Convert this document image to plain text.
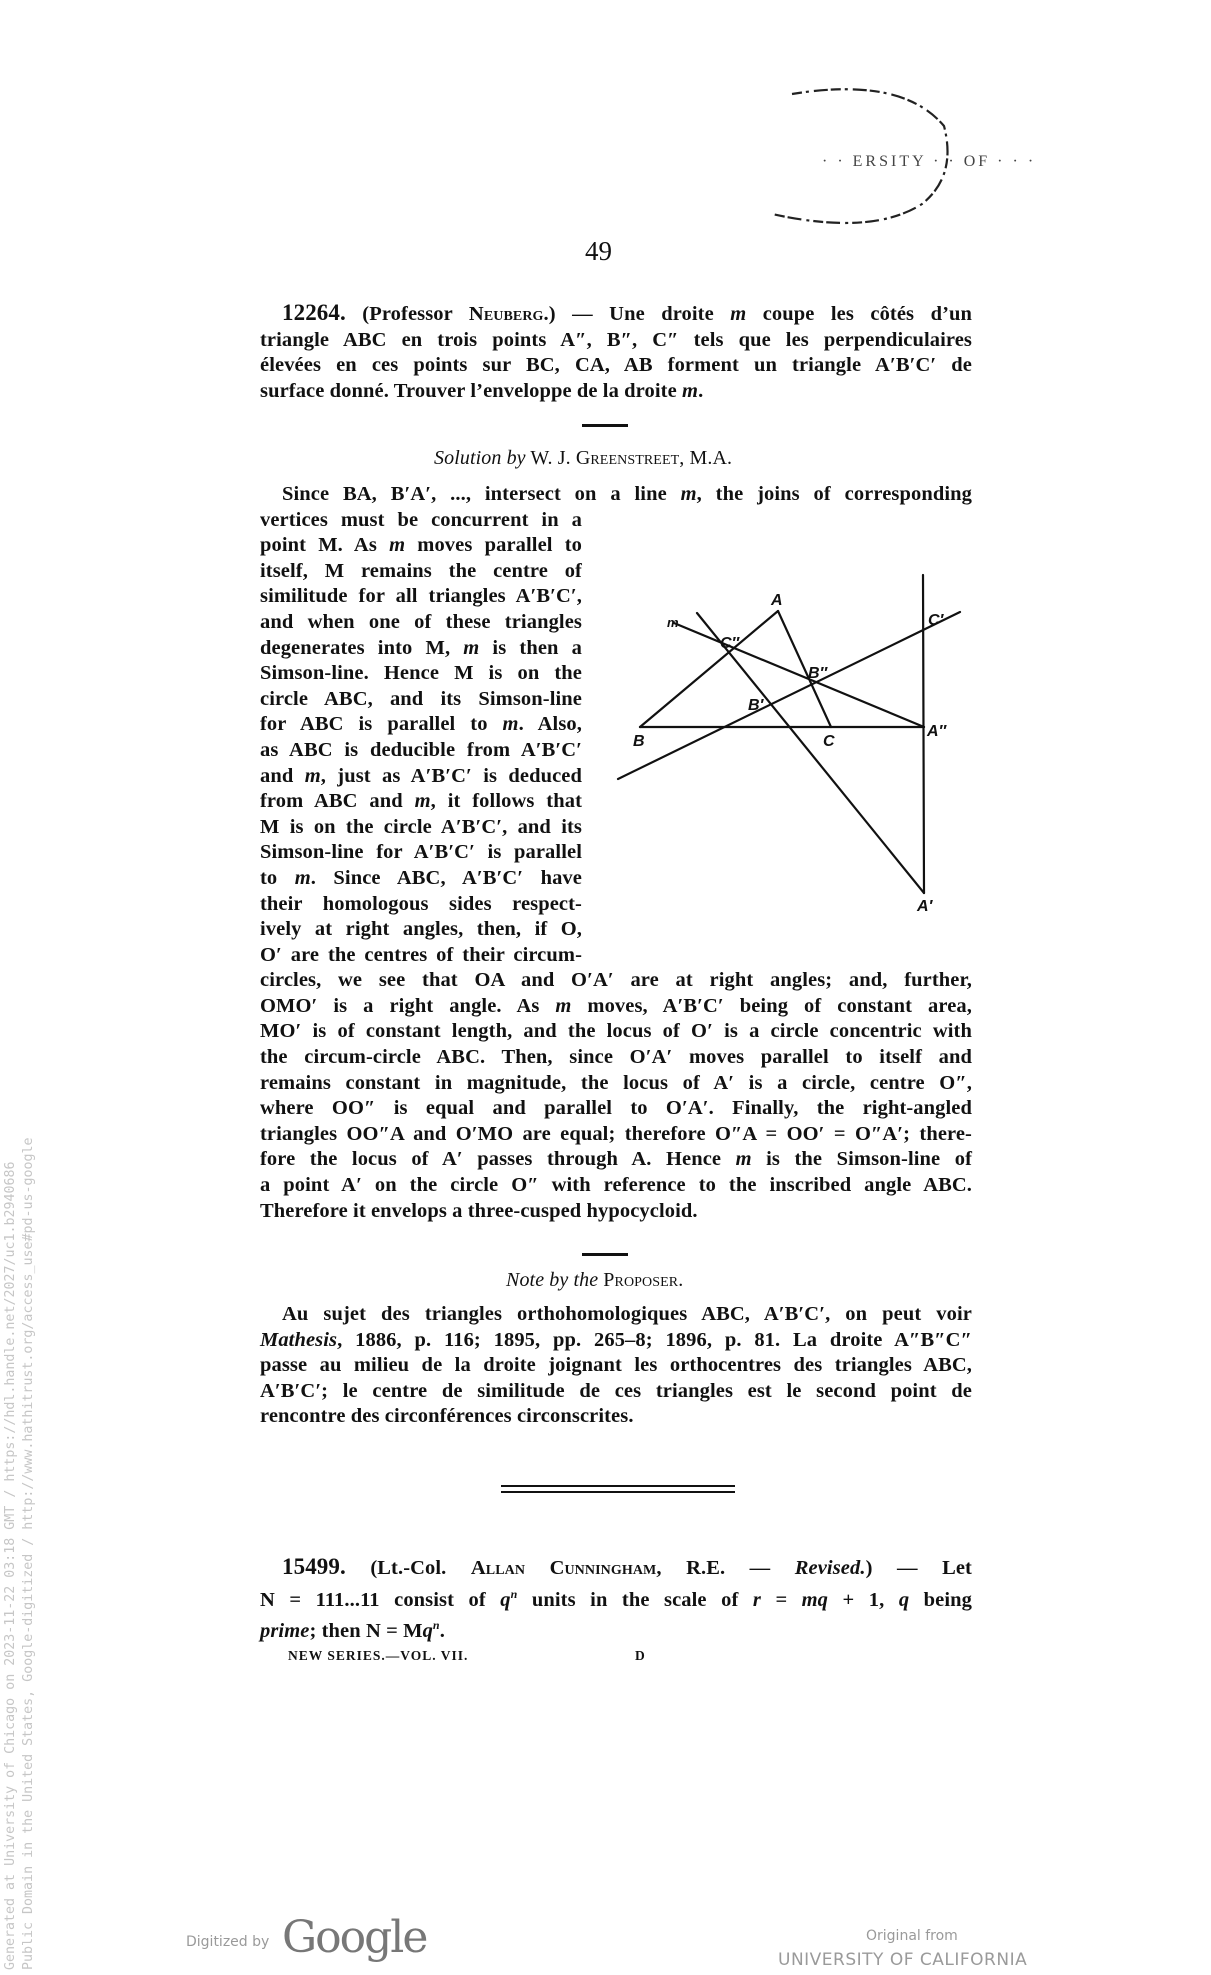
· · ERSITY · · OF · · ·
49
12264. (Professor Neuberg.) — Une droite m coupe les côtés d’un
triangle ABC en trois points A″, B″, C″ tels que les perpendiculaires
élevées en ces points sur BC, CA, AB forment un triangle A′B′C′ de
surface donné. Trouver l’enveloppe de la droite m.
Solution by W. J. Greenstreet, M.A.
Since BA, B′A′, ..., intersect on a line m, the joins of corresponding
vertices must be concurrent in a
point M. As m moves parallel to
itself, M remains the centre of
similitude for all triangles A′B′C′,
and when one of these triangles
degenerates into M, m is then a
Simson-line. Hence M is on the
circle ABC, and its Simson-line
for ABC is parallel to m. Also,
as ABC is deducible from A′B′C′
and m, just as A′B′C′ is deduced
from ABC and m, it follows that
M is on the circle A′B′C′, and its
Simson-line for A′B′C′ is parallel
to m. Since ABC, A′B′C′ have
their homologous sides respect-
ively at right angles, then, if O,
O′ are the centres of their circum-
circles, we see that OA and O′A′ are at right angles; and, further,
OMO′ is a right angle. As m moves, A′B′C′ being of constant area,
MO′ is of constant length, and the locus of O′ is a circle concentric with
the circum-circle ABC. Then, since O′A′ moves parallel to itself and
remains constant in magnitude, the locus of A′ is a circle, centre O″,
where OO″ is equal and parallel to O′A′. Finally, the right-angled
triangles OO″A and O′MO are equal; therefore O″A = OO′ = O″A′; there-
fore the locus of A′ passes through A. Hence m is the Simson-line of
a point A′ on the circle O″ with reference to the inscribed angle ABC.
Therefore it envelops a three-cusped hypocycloid.
A
B	C
A″
B″
C″
A′
B′
C′
m
Note by the Proposer.
Au sujet des triangles orthohomologiques ABC, A′B′C′, on peut voir
Mathesis, 1886, p. 116; 1895, pp. 265–8; 1896, p. 81. La droite A″B″C″
passe au milieu de la droite joignant les orthocentres des triangles ABC,
A′B′C′; le centre de similitude de ces triangles est le second point de
rencontre des circonférences circonscrites.
15499. (Lt.-Col. Allan Cunningham, R.E. — Revised.) — Let
N = 111...11 consist of $q^n$ units in the scale of r = mq + 1, q being
prime; then $N = Mq^n$.
NEW SERIES.—VOL. VII.	D
Generated at University of Chicago on 2023-11-22 03:18 GMT / https://hdl.handle.net/2027/uc1.b2940686 Public Domain in the United States, Google-digitized / http://www.hathitrust.org/access_use#pd-us-google	Digitized by Google	Original from
UNIVERSITY OF CALIFORNIA
